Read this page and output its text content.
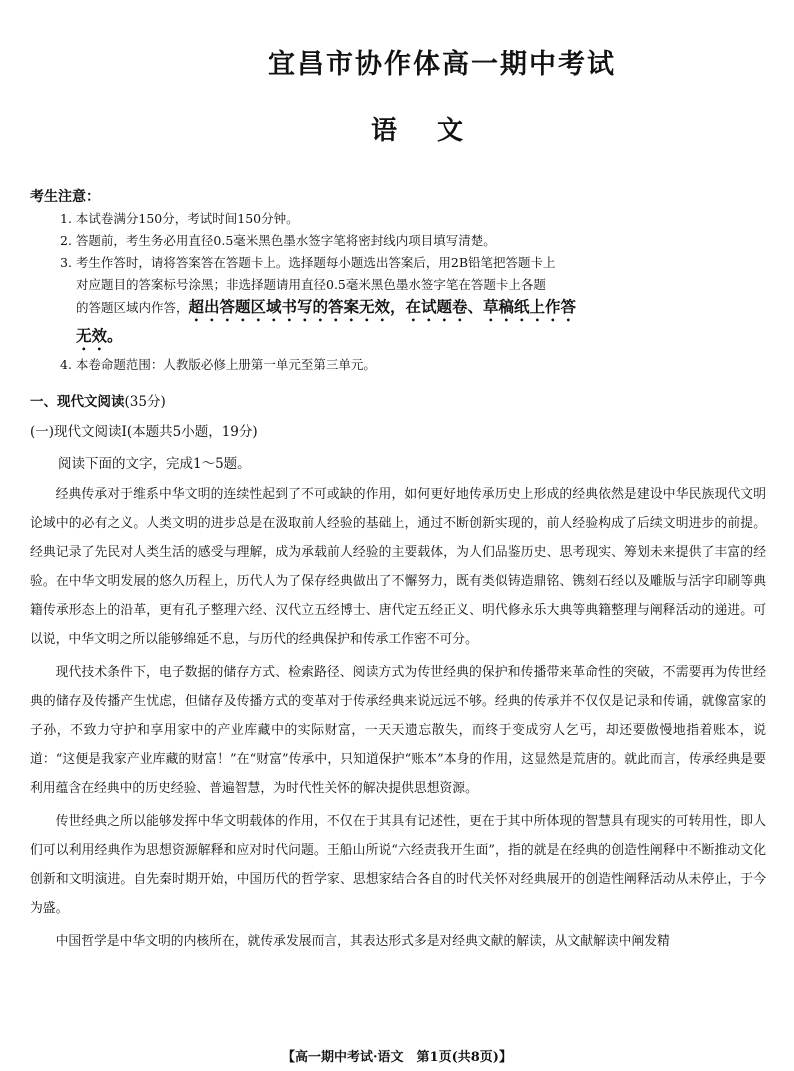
宜昌市协作体高一期中考试
语文
考生注意：

1. 本试卷满分150分，考试时间150分钟。

2. 答题前，考生务必用直径0.5毫米黑色墨水签字笔将密封线内项目填写清楚。

3. 考生作答时，请将答案答在答题卡上。选择题每小题选出答案后，用2B铅笔把答题卡上
对应题目的答案标号涂黑；非选择题请用直径0.5毫米黑色墨水签字笔在答题卡上各题
的答题区域内作答，超出答题区域书写的答案无效，在试题卷、草稿纸上作答
无效。

4. 本卷命题范围：人教版必修上册第一单元至第三单元。

一、现代文阅读(35分)
(一)现代文阅读Ⅰ(本题共5小题，19分)
阅读下面的文字，完成1～5题。

经典传承对于维系中华文明的连续性起到了不可或缺的作用，如何更好地传承历史上形成的经典依然是建设中华民族现代文明论域中的必有之义。人类文明的进步总是在汲取前人经验的基础上，通过不断创新实现的，前人经验构成了后续文明进步的前提。经典记录了先民对人类生活的感受与理解，成为承载前人经验的主要载体，为人们品鉴历史、思考现实、筹划未来提供了丰富的经验。在中华文明发展的悠久历程上，历代人为了保存经典做出了不懈努力，既有类似铸造鼎铭、镌刻石经以及雕版与活字印刷等典籍传承形态上的沿革，更有孔子整理六经、汉代立五经博士、唐代定五经正义、明代修永乐大典等典籍整理与阐释活动的递进。可以说，中华文明之所以能够绵延不息，与历代的经典保护和传承工作密不可分。

现代技术条件下，电子数据的储存方式、检索路径、阅读方式为传世经典的保护和传播带来革命性的突破，不需要再为传世经典的储存及传播产生忧虑，但储存及传播方式的变革对于传承经典来说远远不够。经典的传承并不仅仅是记录和传诵，就像富家的子孙，不致力守护和享用家中的产业库藏中的实际财富，一天天遗忘散失，而终于变成穷人乞丐，却还要傲慢地指着账本，说道：“这便是我家产业库藏的财富！”在“财富”传承中，只知道保护“账本”本身的作用，这显然是荒唐的。就此而言，传承经典是要利用蕴含在经典中的历史经验、普遍智慧，为时代性关怀的解决提供思想资源。

传世经典之所以能够发挥中华文明载体的作用，不仅在于其具有记述性，更在于其中所体现的智慧具有现实的可转用性，即人们可以利用经典作为思想资源解释和应对时代问题。王船山所说“六经责我开生面”，指的就是在经典的创造性阐释中不断推动文化创新和文明演进。自先秦时期开始，中国历代的哲学家、思想家结合各自的时代关怀对经典展开的创造性阐释活动从未停止，于今为盛。

中国哲学是中华文明的内核所在，就传承发展而言，其表达形式多是对经典文献的解读，从文献解读中阐发精

【高一期中考试·语文　第1页(共8页)】
